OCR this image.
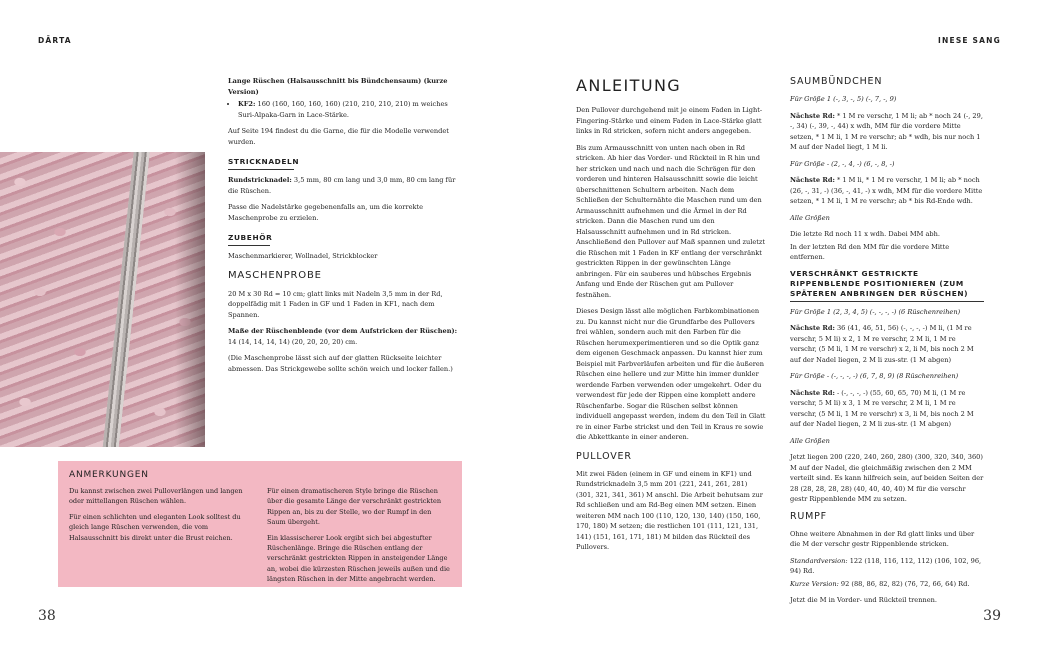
DĀRTA	INESE SANG

Lange Rüschen (Halsausschnitt bis Bündchensaum) (kurze Version)

• KF2: 160 (160, 160, 160, 160) (210, 210, 210, 210) m weiches Suri-Alpaka-Garn in Lace-Stärke.

Auf Seite 194 findest du die Garne, die für die Modelle verwendet wurden.

STRICKNADELN

Rundstricknadel: 3,5 mm, 80 cm lang und 3,0 mm, 80 cm lang für die Rüschen.

Passe die Nadelstärke gegebenenfalls an, um die korrekte Maschenprobe zu erzielen.

ZUBEHÖR

Maschenmarkierer, Wollnadel, Strickblocker

MASCHENPROBE

20 M x 30 Rd = 10 cm; glatt links mit Nadeln 3,5 mm in der Rd, doppelfädig mit 1 Faden in GF und 1 Faden in KF1, nach dem Spannen.

Maße der Rüschenblende (vor dem Aufstricken der Rüschen): 14 (14, 14, 14, 14) (20, 20, 20, 20) cm.

(Die Maschenprobe lässt sich auf der glatten Rückseite leichter abmessen. Das Strickgewebe sollte schön weich und locker fallen.)

ANMERKUNGEN

Du kannst zwischen zwei Pulloverlängen und langen oder mittellangen Rüschen wählen.

Für einen schlichten und eleganten Look solltest du gleich lange Rüschen verwenden, die vom Halsausschnitt bis direkt unter die Brust reichen.

Für einen dramatischeren Style bringe die Rüschen über die gesamte Länge der verschränkt gestrickten Rippen an, bis zu der Stelle, wo der Rumpf in den Saum übergeht.

Ein klassischerer Look ergibt sich bei abgestufter Rüschenlänge. Bringe die Rüschen entlang der verschränkt gestrickten Rippen in ansteigender Länge an, wobei die kürzesten Rüschen jeweils außen und die längsten Rüschen in der Mitte angebracht werden.

38
ANLEITUNG

Den Pullover durchgehend mit je einem Faden in Light-Fingering-Stärke und einem Faden in Lace-Stärke glatt links in Rd stricken, sofern nicht anders angegeben.

Bis zum Armausschnitt von unten nach oben in Rd stricken. Ab hier das Vorder- und Rückteil in R hin und her stricken und nach und nach die Schrägen für den vorderen und hinteren Halsausschnitt sowie die leicht überschnittenen Schultern arbeiten. Nach dem Schließen der Schulternähte die Maschen rund um den Armausschnitt aufnehmen und die Ärmel in der Rd stricken. Dann die Maschen rund um den Halsausschnitt aufnehmen und in Rd stricken. Anschließend den Pullover auf Maß spannen und zuletzt die Rüschen mit 1 Faden in KF entlang der verschränkt gestrickten Rippen in der gewünschten Länge anbringen. Für ein sauberes und hübsches Ergebnis Anfang und Ende der Rüschen gut am Pullover festnähen.

Dieses Design lässt alle möglichen Farbkombinationen zu. Du kannst nicht nur die Grundfarbe des Pullovers frei wählen, sondern auch mit den Farben für die Rüschen herumexperimentieren und so die Optik ganz dem eigenen Geschmack anpassen. Du kannst hier zum Beispiel mit Farbverläufen arbeiten und für die äußeren Rüschen eine hellere und zur Mitte hin immer dunkler werdende Farben verwenden oder umgekehrt. Oder du verwendest für jede der Rippen eine komplett andere Rüschenfarbe. Sogar die Rüschen selbst können individuell angepasst werden, indem du den Teil in Glatt re in einer Farbe strickst und den Teil in Kraus re sowie die Abkettkante in einer anderen.

PULLOVER

Mit zwei Fäden (einem in GF und einem in KF1) und Rundstricknadeln 3,5 mm 201 (221, 241, 261, 281) (301, 321, 341, 361) M anschl. Die Arbeit behutsam zur Rd schließen und am Rd-Beg einen MM setzen. Einen weiteren MM nach 100 (110, 120, 130, 140) (150, 160, 170, 180) M setzen; die restlichen 101 (111, 121, 131, 141) (151, 161, 171, 181) M bilden das Rückteil des Pullovers.

SAUMBÜNDCHEN

Für Größe 1 (-, 3, -, 5) (-, 7, -, 9)

Nächste Rd: * 1 M re verschr, 1 M li; ab * noch 24 (-, 29, -, 34) (-, 39, -, 44) x wdh, MM für die vordere Mitte setzen, * 1 M li, 1 M re verschr; ab * wdh, bis nur noch 1 M auf der Nadel liegt, 1 M li.

Für Größe - (2, -, 4, -) (6, -, 8, -)

Nächste Rd: * 1 M li, * 1 M re verschr, 1 M li; ab * noch (26, -, 31, -) (36, -, 41, -) x wdh, MM für die vordere Mitte setzen, * 1 M li, 1 M re verschr; ab * bis Rd-Ende wdh.

Alle Größen

Die letzte Rd noch 11 x wdh. Dabei MM abh.

In der letzten Rd den MM für die vordere Mitte entfernen.

VERSCHRÄNKT GESTRICKTE RIPPENBLENDE POSITIONIEREN (ZUM SPÄTEREN ANBRINGEN DER RÜSCHEN)

Für Größe 1 (2, 3, 4, 5) (-, -, -, -) (6 Rüschenreihen)

Nächste Rd: 36 (41, 46, 51, 56) (-, -, -, -) M li, (1 M re verschr, 5 M li) x 2, 1 M re verschr, 2 M li, 1 M re verschr, (5 M li, 1 M re verschr) x 2, li M, bis noch 2 M auf der Nadel liegen, 2 M li zus-str. (1 M abgen)

Für Größe - (-, -, -, -) (6, 7, 8, 9) (8 Rüschenreihen)

Nächste Rd: - (-, -, -, -) (55, 60, 65, 70) M li, (1 M re verschr, 5 M li) x 3, 1 M re verschr, 2 M li, 1 M re verschr, (5 M li, 1 M re verschr) x 3, li M, bis noch 2 M auf der Nadel liegen, 2 M li zus-str. (1 M abgen)

Alle Größen

Jetzt liegen 200 (220, 240, 260, 280) (300, 320, 340, 360) M auf der Nadel, die gleichmäßig zwischen den 2 MM verteilt sind. Es kann hilfreich sein, auf beiden Seiten der 28 (28, 28, 28, 28) (40, 40, 40, 40) M für die verschr gestr Rippenblende MM zu setzen.

RUMPF

Ohne weitere Abnahmen in der Rd glatt links und über die M der verschr gestr Rippenblende stricken.

Standardversion: 122 (118, 116, 112, 112) (106, 102, 96, 94) Rd.

Kurze Version: 92 (88, 86, 82, 82) (76, 72, 66, 64) Rd.

Jetzt die M in Vorder- und Rückteil trennen.

39
